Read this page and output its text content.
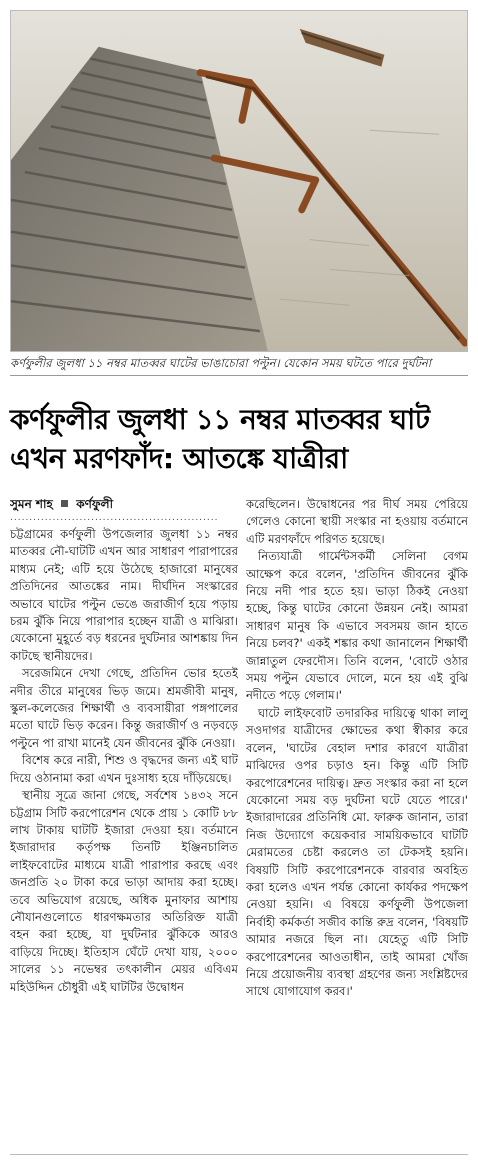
কর্ণফুলীর জুলধা ১১ নম্বর মাতব্বর ঘাটের ভাঙাচোরা পল্টুন। যেকোন সময় ঘটতে পারে দুর্ঘটনা
কর্ণফুলীর জুলধা ১১ নম্বর মাতব্বর ঘাট এখন মরণফাঁদ: আতঙ্কে যাত্রীরা
সুমন শাহ কর্ণফুলী
......................................................

চট্টগ্রামের কর্ণফুলী উপজেলার জুলধা ১১ নম্বর মাতব্বর নৌ-ঘাটটি এখন আর সাধারণ পারাপারের মাধ্যম নেই; এটি হয়ে উঠেছে হাজারো মানুষের প্রতিদিনের আতঙ্কের নাম। দীর্ঘদিন সংস্কারের অভাবে ঘাটের পল্টুন ভেঙে জরাজীর্ণ হয়ে পড়ায় চরম ঝুঁকি নিয়ে পারাপার হচ্ছেন যাত্রী ও মাঝিরা। যেকোনো মুহূর্তে বড় ধরনের দুর্ঘটনার আশঙ্কায় দিন কাটছে স্থানীয়দের।

সরেজমিনে দেখা গেছে, প্রতিদিন ভোর হতেই নদীর তীরে মানুষের ভিড় জমে। শ্রমজীবী মানুষ, স্কুল-কলেজের শিক্ষার্থী ও ব্যবসায়ীরা পঙ্গপালের মতো ঘাটে ভিড় করেন। কিন্তু জরাজীর্ণ ও নড়বড়ে পল্টুনে পা রাখা মানেই যেন জীবনের ঝুঁকি নেওয়া।

বিশেষ করে নারী, শিশু ও বৃদ্ধদের জন্য এই ঘাট দিয়ে ওঠানামা করা এখন দুঃসাধ্য হয়ে দাঁড়িয়েছে।

স্থানীয় সূত্রে জানা গেছে, সর্বশেষ ১৪৩২ সনে চট্টগ্রাম সিটি করপোরেশন থেকে প্রায় ১ কোটি ৮৮ লাখ টাকায় ঘাটটি ইজারা দেওয়া হয়। বর্তমানে ইজারাদার কর্তৃপক্ষ তিনটি ইঞ্জিনচালিত লাইফবোটের মাধ্যমে যাত্রী পারাপার করছে এবং জনপ্রতি ২০ টাকা করে ভাড়া আদায় করা হচ্ছে। তবে অভিযোগ রয়েছে, অধিক মুনাফার আশায় নৌযানগুলোতে ধারণক্ষমতার অতিরিক্ত যাত্রী বহন করা হচ্ছে, যা দুর্ঘটনার ঝুঁকিকে আরও বাড়িয়ে দিচ্ছে। ইতিহাস ঘেঁটে দেখা যায়, ২০০০ সালের ১১ নভেম্বর তৎকালীন মেয়র এবিএম মহিউদ্দিন চৌধুরী এই ঘাটটির উদ্বোধন

করেছিলেন। উদ্বোধনের পর দীর্ঘ সময় পেরিয়ে গেলেও কোনো স্থায়ী সংস্কার না হওয়ায় বর্তমানে এটি মরণফাঁদে পরিণত হয়েছে।

নিত্যযাত্রী গার্মেন্টসকর্মী সেলিনা বেগম আক্ষেপ করে বলেন, 'প্রতিদিন জীবনের ঝুঁকি নিয়ে নদী পার হতে হয়। ভাড়া ঠিকই নেওয়া হচ্ছে, কিন্তু ঘাটের কোনো উন্নয়ন নেই। আমরা সাধারণ মানুষ কি এভাবে সবসময় জান হাতে নিয়ে চলব?' একই শঙ্কার কথা জানালেন শিক্ষার্থী জান্নাতুল ফেরদৌস। তিনি বলেন, 'বোটে ওঠার সময় পল্টুন যেভাবে দোলে, মনে হয় এই বুঝি নদীতে পড়ে গেলাম।'

ঘাটে লাইফবোট তদারকির দায়িত্বে থাকা লালু সওদাগর যাত্রীদের ক্ষোভের কথা স্বীকার করে বলেন, 'ঘাটের বেহাল দশার কারণে যাত্রীরা মাঝিদের ওপর চড়াও হন। কিন্তু এটি সিটি করপোরেশনের দায়িত্ব। দ্রুত সংস্কার করা না হলে যেকোনো সময় বড় দুর্ঘটনা ঘটে যেতে পারে।' ইজারাদারের প্রতিনিধি মো. ফারুক জানান, তারা নিজ উদ্যোগে কয়েকবার সাময়িকভাবে ঘাটটি মেরামতের চেষ্টা করলেও তা টেকসই হয়নি। বিষয়টি সিটি করপোরেশনকে বারবার অবহিত করা হলেও এখন পর্যন্ত কোনো কার্যকর পদক্ষেপ নেওয়া হয়নি। এ বিষয়ে কর্ণফুলী উপজেলা নির্বাহী কর্মকর্তা সজীব কান্তি রুদ্র বলেন, 'বিষয়টি আমার নজরে ছিল না। যেহেতু এটি সিটি করপোরেশনের আওতাধীন, তাই আমরা খোঁজ নিয়ে প্রয়োজনীয় ব্যবস্থা গ্রহণের জন্য সংশ্লিষ্টদের সাথে যোগাযোগ করব।'
